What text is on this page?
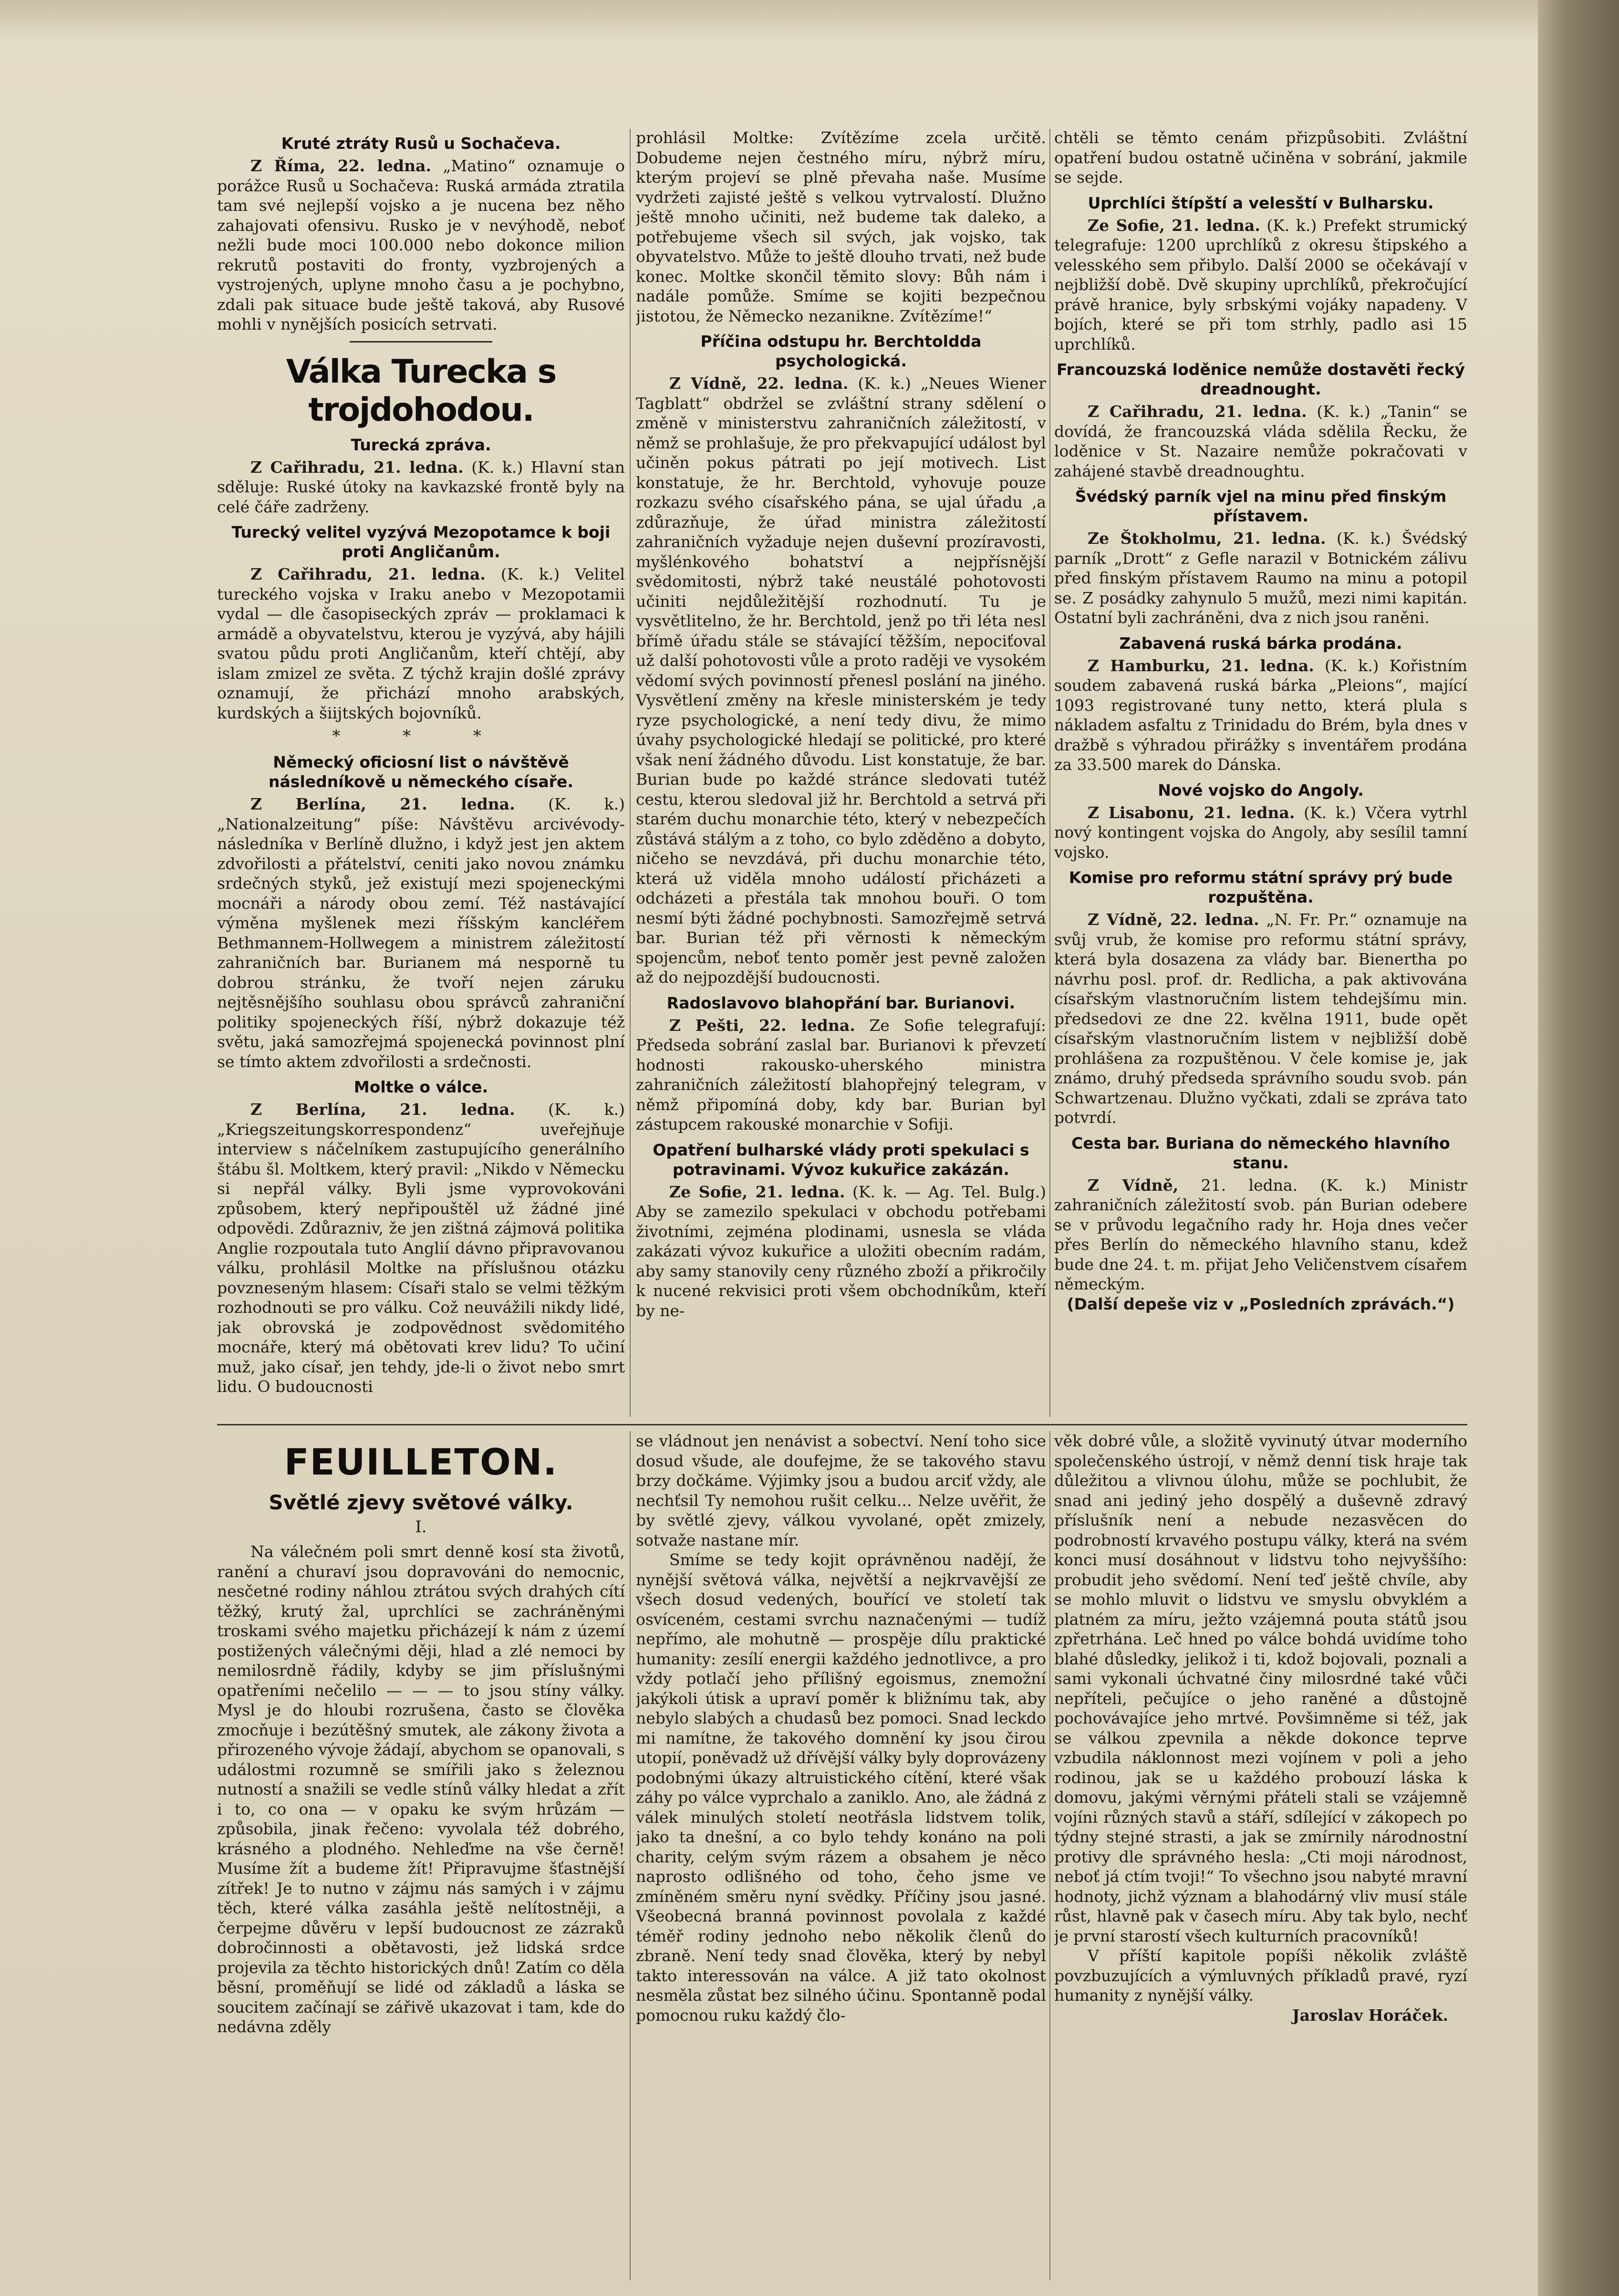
Kruté ztráty Rusů u Sochačeva.

Z Říma, 22. ledna. „Matino“ oznamuje o porážce Rusů u Sochačeva: Ruská armáda ztratila tam své nejlepší vojsko a je nucena bez něho zahajovati ofensivu. Rusko je v nevýhodě, neboť nežli bude moci 100.000 nebo dokonce milion rekrutů postaviti do fronty, vyzbrojených a vystrojených, uplyne mnoho času a je pochybno, zdali pak situace bude ještě taková, aby Rusové mohli v nynějších posicích setrvati.

Válka Turecka s trojdohodou.
Turecká zpráva.

Z Cařihradu, 21. ledna. (K. k.) Hlavní stan sděluje: Ruské útoky na kavkazské frontě byly na celé čáře zadrženy.

Turecký velitel vyzývá Mezopotamce k boji proti Angličanům.

Z Cařihradu, 21. ledna. (K. k.) Velitel tureckého vojska v Iraku anebo v Mezopotamii vydal — dle časopiseckých zpráv — proklamaci k armádě a obyvatelstvu, kterou je vyzývá, aby hájili svatou půdu proti Angličanům, kteří chtějí, aby islam zmizel ze světa. Z týchž krajin došlé zprávy oznamují, že přichází mnoho arabských, kurdských a šiijtských bojovníků.

* * *
Německý oficiosní list o návštěvě následníkově u německého císaře.

Z Berlína, 21. ledna. (K. k.) „Nationalzeitung“ píše: Návštěvu arcivévody-následníka v Berlíně dlužno, i když jest jen aktem zdvořilosti a přátelství, ceniti jako novou známku srdečných styků, jež existují mezi spojeneckými mocnáři a národy obou zemí. Též nastávající výměna myšlenek mezi říšským kancléřem Bethmannem-Hollwegem a ministrem záležitostí zahraničních bar. Burianem má nesporně tu dobrou stránku, že tvoří nejen záruku nejtěsnějšího souhlasu obou správců zahraniční politiky spojeneckých říší, nýbrž dokazuje též světu, jaká samozřejmá spojenecká povinnost plní se tímto aktem zdvořilosti a srdečnosti.

Moltke o válce.

Z Berlína, 21. ledna. (K. k.) „Kriegszeitungskorrespondenz“ uveřejňuje interview s náčelníkem zastupujícího generálního štábu šl. Moltkem, který pravil: „Nikdo v Německu si nepřál války. Byli jsme vyprovokováni způsobem, který nepřipouštěl už žádné jiné odpovědi. Zdůrazniv, že jen zištná zájmová politika Anglie rozpoutala tuto Anglií dávno připravovanou válku, prohlásil Moltke na příslušnou otázku povzneseným hlasem: Císaři stalo se velmi těžkým rozhodnouti se pro válku. Což neuvážili nikdy lidé, jak obrovská je zodpovědnost svědomitého mocnáře, který má obětovati krev lidu? To učiní muž, jako císař, jen tehdy, jde-li o život nebo smrt lidu. O budoucnosti

prohlásil Moltke: Zvítězíme zcela určitě. Dobudeme nejen čestného míru, nýbrž míru, kterým projeví se plně převaha naše. Musíme vydržeti zajisté ještě s velkou vytrvalostí. Dlužno ještě mnoho učiniti, než budeme tak daleko, a potřebujeme všech sil svých, jak vojsko, tak obyvatelstvo. Může to ještě dlouho trvati, než bude konec. Moltke skončil těmito slovy: Bůh nám i nadále pomůže. Smíme se kojiti bezpečnou jistotou, že Německo nezanikne. Zvítězíme!“

Příčina odstupu hr. Berchtoldda psychologická.

Z Vídně, 22. ledna. (K. k.) „Neues Wiener Tagblatt“ obdržel se zvláštní strany sdělení o změně v ministerstvu zahraničních záležitostí, v němž se prohlašuje, že pro překvapující událost byl učiněn pokus pátrati po její motivech. List konstatuje, že hr. Berchtold, vyhovuje pouze rozkazu svého císařského pána, se ujal úřadu ‚a zdůrazňuje, že úřad ministra záležitostí zahraničních vyžaduje nejen duševní prozíravosti, myšlénkového bohatství a nejpřísnější svědomitosti, nýbrž také neustálé pohotovosti učiniti nejdůležitější rozhodnutí. Tu je vysvětlitelno, že hr. Berchtold, jenž po tři léta nesl břímě úřadu stále se stávající těžším, nepociťoval už další pohotovosti vůle a proto raději ve vysokém vědomí svých povinností přenesl poslání na jiného. Vysvětlení změny na křesle ministerském je tedy ryze psychologické, a není tedy divu, že mimo úvahy psychologické hledají se politické, pro které však není žádného důvodu. List konstatuje, že bar. Burian bude po každé stránce sledovati tutéž cestu, kterou sledoval již hr. Berchtold a setrvá při starém duchu monarchie této, který v nebezpečích zůstává stálým a z toho, co bylo zděděno a dobyto, ničeho se nevzdává, při duchu monarchie této, která už viděla mnoho událostí přicházeti a odcházeti a přestála tak mnohou bouři. O tom nesmí býti žádné pochybnosti. Samozřejmě setrvá bar. Burian též při věrnosti k německým spojencům, neboť tento poměr jest pevně založen až do nejpozdější budoucnosti.

Radoslavovo blahopřání bar. Burianovi.

Z Pešti, 22. ledna. Ze Sofie telegrafují: Předseda sobrání zaslal bar. Burianovi k převzetí hodnosti rakousko-uherského ministra zahraničních záležitostí blahopřejný telegram, v němž připomíná doby, kdy bar. Burian byl zástupcem rakouské monarchie v Sofiji.

Opatření bulharské vlády proti spekulaci s potravinami. Vývoz kukuřice zakázán.

Ze Sofie, 21. ledna. (K. k. — Ag. Tel. Bulg.) Aby se zamezilo spekulaci v obchodu potřebami životními, zejména plodinami, usnesla se vláda zakázati vývoz kukuřice a uložiti obecním radám, aby samy stanovily ceny různého zboží a přikročily k nucené rekvisici proti všem obchodníkům, kteří by ne-

chtěli se těmto cenám přizpůsobiti. Zvláštní opatření budou ostatně učiněna v sobrání, jakmile se sejde.

Uprchlíci štípští a velesští v Bulharsku.

Ze Sofie, 21. ledna. (K. k.) Prefekt strumický telegrafuje: 1200 uprchlíků z okresu štipského a velesského sem přibylo. Další 2000 se očekávají v nejbližší době. Dvě skupiny uprchlíků, překročující právě hranice, byly srbskými vojáky napadeny. V bojích, které se při tom strhly, padlo asi 15 uprchlíků.

Francouzská loděnice nemůže dostavěti řecký dreadnought.

Z Cařihradu, 21. ledna. (K. k.) „Tanin“ se dovídá, že francouzská vláda sdělila Řecku, že loděnice v St. Nazaire nemůže pokračovati v zahájené stavbě dreadnoughtu.

Švédský parník vjel na minu před finským přístavem.

Ze Štokholmu, 21. ledna. (K. k.) Švédský parník „Drott“ z Gefle narazil v Botnickém zálivu před finským přístavem Raumo na minu a potopil se. Z posádky zahynulo 5 mužů, mezi nimi kapitán. Ostatní byli zachráněni, dva z nich jsou raněni.

Zabavená ruská bárka prodána.

Z Hamburku, 21. ledna. (K. k.) Kořistním soudem zabavená ruská bárka „Pleions“, mající 1093 registrované tuny netto, která plula s nákladem asfaltu z Trinidadu do Brém, byla dnes v dražbě s výhradou přirážky s inventářem prodána za 33.500 marek do Dánska.

Nové vojsko do Angoly.

Z Lisabonu, 21. ledna. (K. k.) Včera vytrhl nový kontingent vojska do Angoly, aby sesílil tamní vojsko.

Komise pro reformu státní správy prý bude rozpuštěna.

Z Vídně, 22. ledna. „N. Fr. Pr.“ oznamuje na svůj vrub, že komise pro reformu státní správy, která byla dosazena za vlády bar. Bienertha po návrhu posl. prof. dr. Redlicha, a pak aktivována císařským vlastnoručním listem tehdejšímu min. předsedovi ze dne 22. kvělna 1911, bude opět císařským vlastnoručním listem v nejbližší době prohlášena za rozpuštěnou. V čele komise je, jak známo, druhý předseda správního soudu svob. pán Schwartzenau. Dlužno vyčkati, zdali se zpráva tato potvrdí.

Cesta bar. Buriana do německého hlavního stanu.

Z Vídně, 21. ledna. (K. k.) Ministr zahraničních záležitostí svob. pán Burian odebere se v průvodu legačního rady hr. Hoja dnes večer přes Berlín do německého hlavního stanu, kdež bude dne 24. t. m. přijat Jeho Veličenstvem císařem německým.

(Další depeše viz v „Posledních zprávách.“)
FEUILLETON.
Světlé zjevy světové války.
I.

Na válečném poli smrt denně kosí sta životů, ranění a churaví jsou dopravováni do nemocnic, nesčetné rodiny náhlou ztrátou svých drahých cítí těžký, krutý žal, uprchlíci se zachráněnými troskami svého majetku přicházejí k nám z území postižených válečnými ději, hlad a zlé nemoci by nemilosrdně řádily, kdyby se jim příslušnými opatřeními nečelilo — — — to jsou stíny války. Mysl je do hloubi rozrušena, často se člověka zmocňuje i bezútěšný smutek, ale zákony života a přirozeného vývoje žádají, abychom se opanovali, s událostmi rozumně se smířili jako s železnou nutností a snažili se vedle stínů války hledat a zřít i to, co ona — v opaku ke svým hrůzám — způsobila, jinak řečeno: vyvolala též dobrého, krásného a plodného. Nehleďme na vše černě! Musíme žít a budeme žít! Připravujme šťastnější zítřek! Je to nutno v zájmu nás samých i v zájmu těch, které válka zasáhla ještě nelítostněji, a čerpejme důvěru v lepší budoucnost ze zázraků dobročinnosti a obětavosti, jež lidská srdce projevila za těchto historických dnů! Zatím co děla běsní, proměňují se lidé od základů a láska se soucitem začínají se zářivě ukazovat i tam, kde do nedávna zděly

se vládnout jen nenávist a sobectví. Není toho sice dosud všude, ale doufejme, že se takového stavu brzy dočkáme. Výjimky jsou a budou arciť vždy, ale nechťsil Ty nemohou rušit celku... Nelze uvěřit, že by světlé zjevy, válkou vyvolané, opět zmizely, sotvaže nastane mír.

Smíme se tedy kojit oprávněnou nadějí, že nynější světová válka, největší a nejkrvavější ze všech dosud vedených, bouřící ve století tak osvíceném, cestami svrchu naznačenými — tudíž nepřímo, ale mohutně — prospěje dílu praktické humanity: zesílí energii každého jednotlivce, a pro vždy potlačí jeho přílišný egoismus, znemožní jakýkoli útisk a upraví poměr k bližnímu tak, aby nebylo slabých a chudasů bez pomoci. Snad leckdo mi namítne, že takového domnění ky jsou čirou utopií, poněvadž už dřívější války byly doprovázeny podobnými úkazy altruistického cítění, které však záhy po válce vyprchalo a zaniklo. Ano, ale žádná z válek minulých století neotřásla lidstvem tolik, jako ta dnešní, a co bylo tehdy konáno na poli charity, celým svým rázem a obsahem je něco naprosto odlišného od toho, čeho jsme ve zmíněném směru nyní svědky. Příčiny jsou jasné. Všeobecná branná povinnost povolala z každé téměř rodiny jednoho nebo několik členů do zbraně. Není tedy snad člověka, který by nebyl takto interessován na válce. A již tato okolnost nesměla zůstat bez silného účinu. Spontanně podal pomocnou ruku každý člo-

věk dobré vůle, a složitě vyvinutý útvar moderního společenského ústrojí, v němž denní tisk hraje tak důležitou a vlivnou úlohu, může se pochlubit, že snad ani jediný jeho dospělý a duševně zdravý příslušník není a nebude nezasvěcen do podrobností krvavého postupu války, která na svém konci musí dosáhnout v lidstvu toho nejvyššího: probudit jeho svědomí. Není teď ještě chvíle, aby se mohlo mluvit o lidstvu ve smyslu obvyklém a platném za míru, ježto vzájemná pouta států jsou zpřetrhána. Leč hned po válce bohdá uvidíme toho blahé důsledky, jelikož i ti, kdož bojovali, poznali a sami vykonali úchvatné činy milosrdné také vůči nepříteli, pečujíce o jeho raněné a důstojně pochovávajíce jeho mrtvé. Povšimněme si též, jak se válkou zpevnila a někde dokonce teprve vzbudila náklonnost mezi vojínem v poli a jeho rodinou, jak se u každého probouzí láska k domovu, jakými věrnými přáteli stali se vzájemně vojíni různých stavů a stáří, sdílející v zákopech po týdny stejné strasti, a jak se zmírnily národnostní protivy dle správného hesla: „Cti moji národnost, neboť já ctím tvoji!“ To všechno jsou nabyté mravní hodnoty, jichž význam a blahodárný vliv musí stále růst, hlavně pak v časech míru. Aby tak bylo, nechť je první starostí všech kulturních pracovníků!

V příští kapitole popíši několik zvláště povzbuzujících a výmluvných příkladů pravé, ryzí humanity z nynější války.

Jaroslav Horáček.
